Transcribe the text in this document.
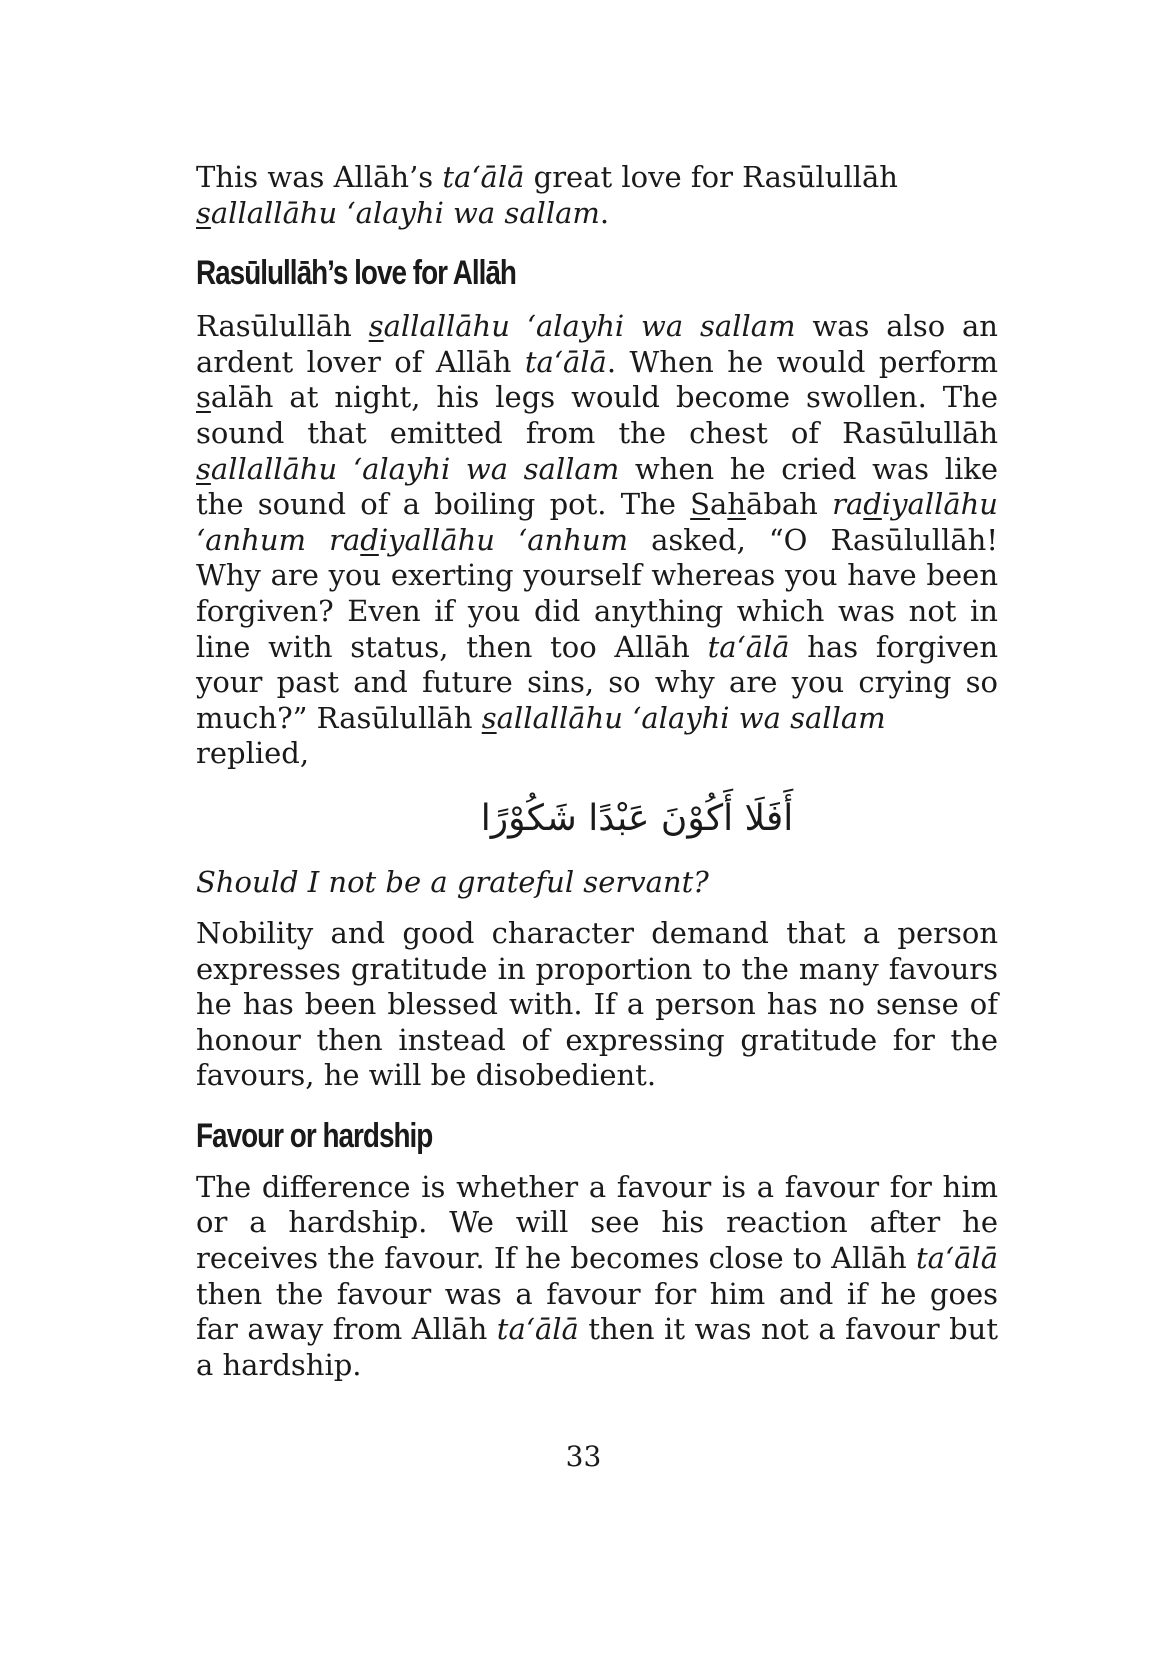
This was Allāh’s ta‘ālā great love for Rasūlullāh
sallallāhu ‘alayhi wa sallam.

Rasūlullāh’s love for Allāh

Rasūlullāh sallallāhu ‘alayhi wa sallam was also an ardent lover of Allāh ta‘ālā. When he would perform salāh at night, his legs would become swollen. The sound that emitted from the chest of Rasūlullāh sallallāhu ‘alayhi wa sallam when he cried was like the sound of a boiling pot. The Sahābah radiyallāhu ‘anhum radiyallāhu ‘anhum asked, “O Rasūlullāh! Why are you exerting yourself whereas you have been forgiven? Even if you did anything which was not in line with status, then too Allāh ta‘ālā has forgiven your past and future sins, so why are you crying so much?” Rasūlullāh sallallāhu ‘alayhi wa sallam
replied,

أَفَلَا أَكُوْنَ عَبْدًا شَكُوْرًا

Should I not be a grateful servant?

Nobility and good character demand that a person expresses gratitude in proportion to the many favours he has been blessed with. If a person has no sense of honour then instead of expressing gratitude for the favours, he will be disobedient.

Favour or hardship

The difference is whether a favour is a favour for him or a hardship. We will see his reaction after he receives the favour. If he becomes close to Allāh ta‘ālā then the favour was a favour for him and if he goes far away from Allāh ta‘ālā then it was not a favour but a hardship.

33
